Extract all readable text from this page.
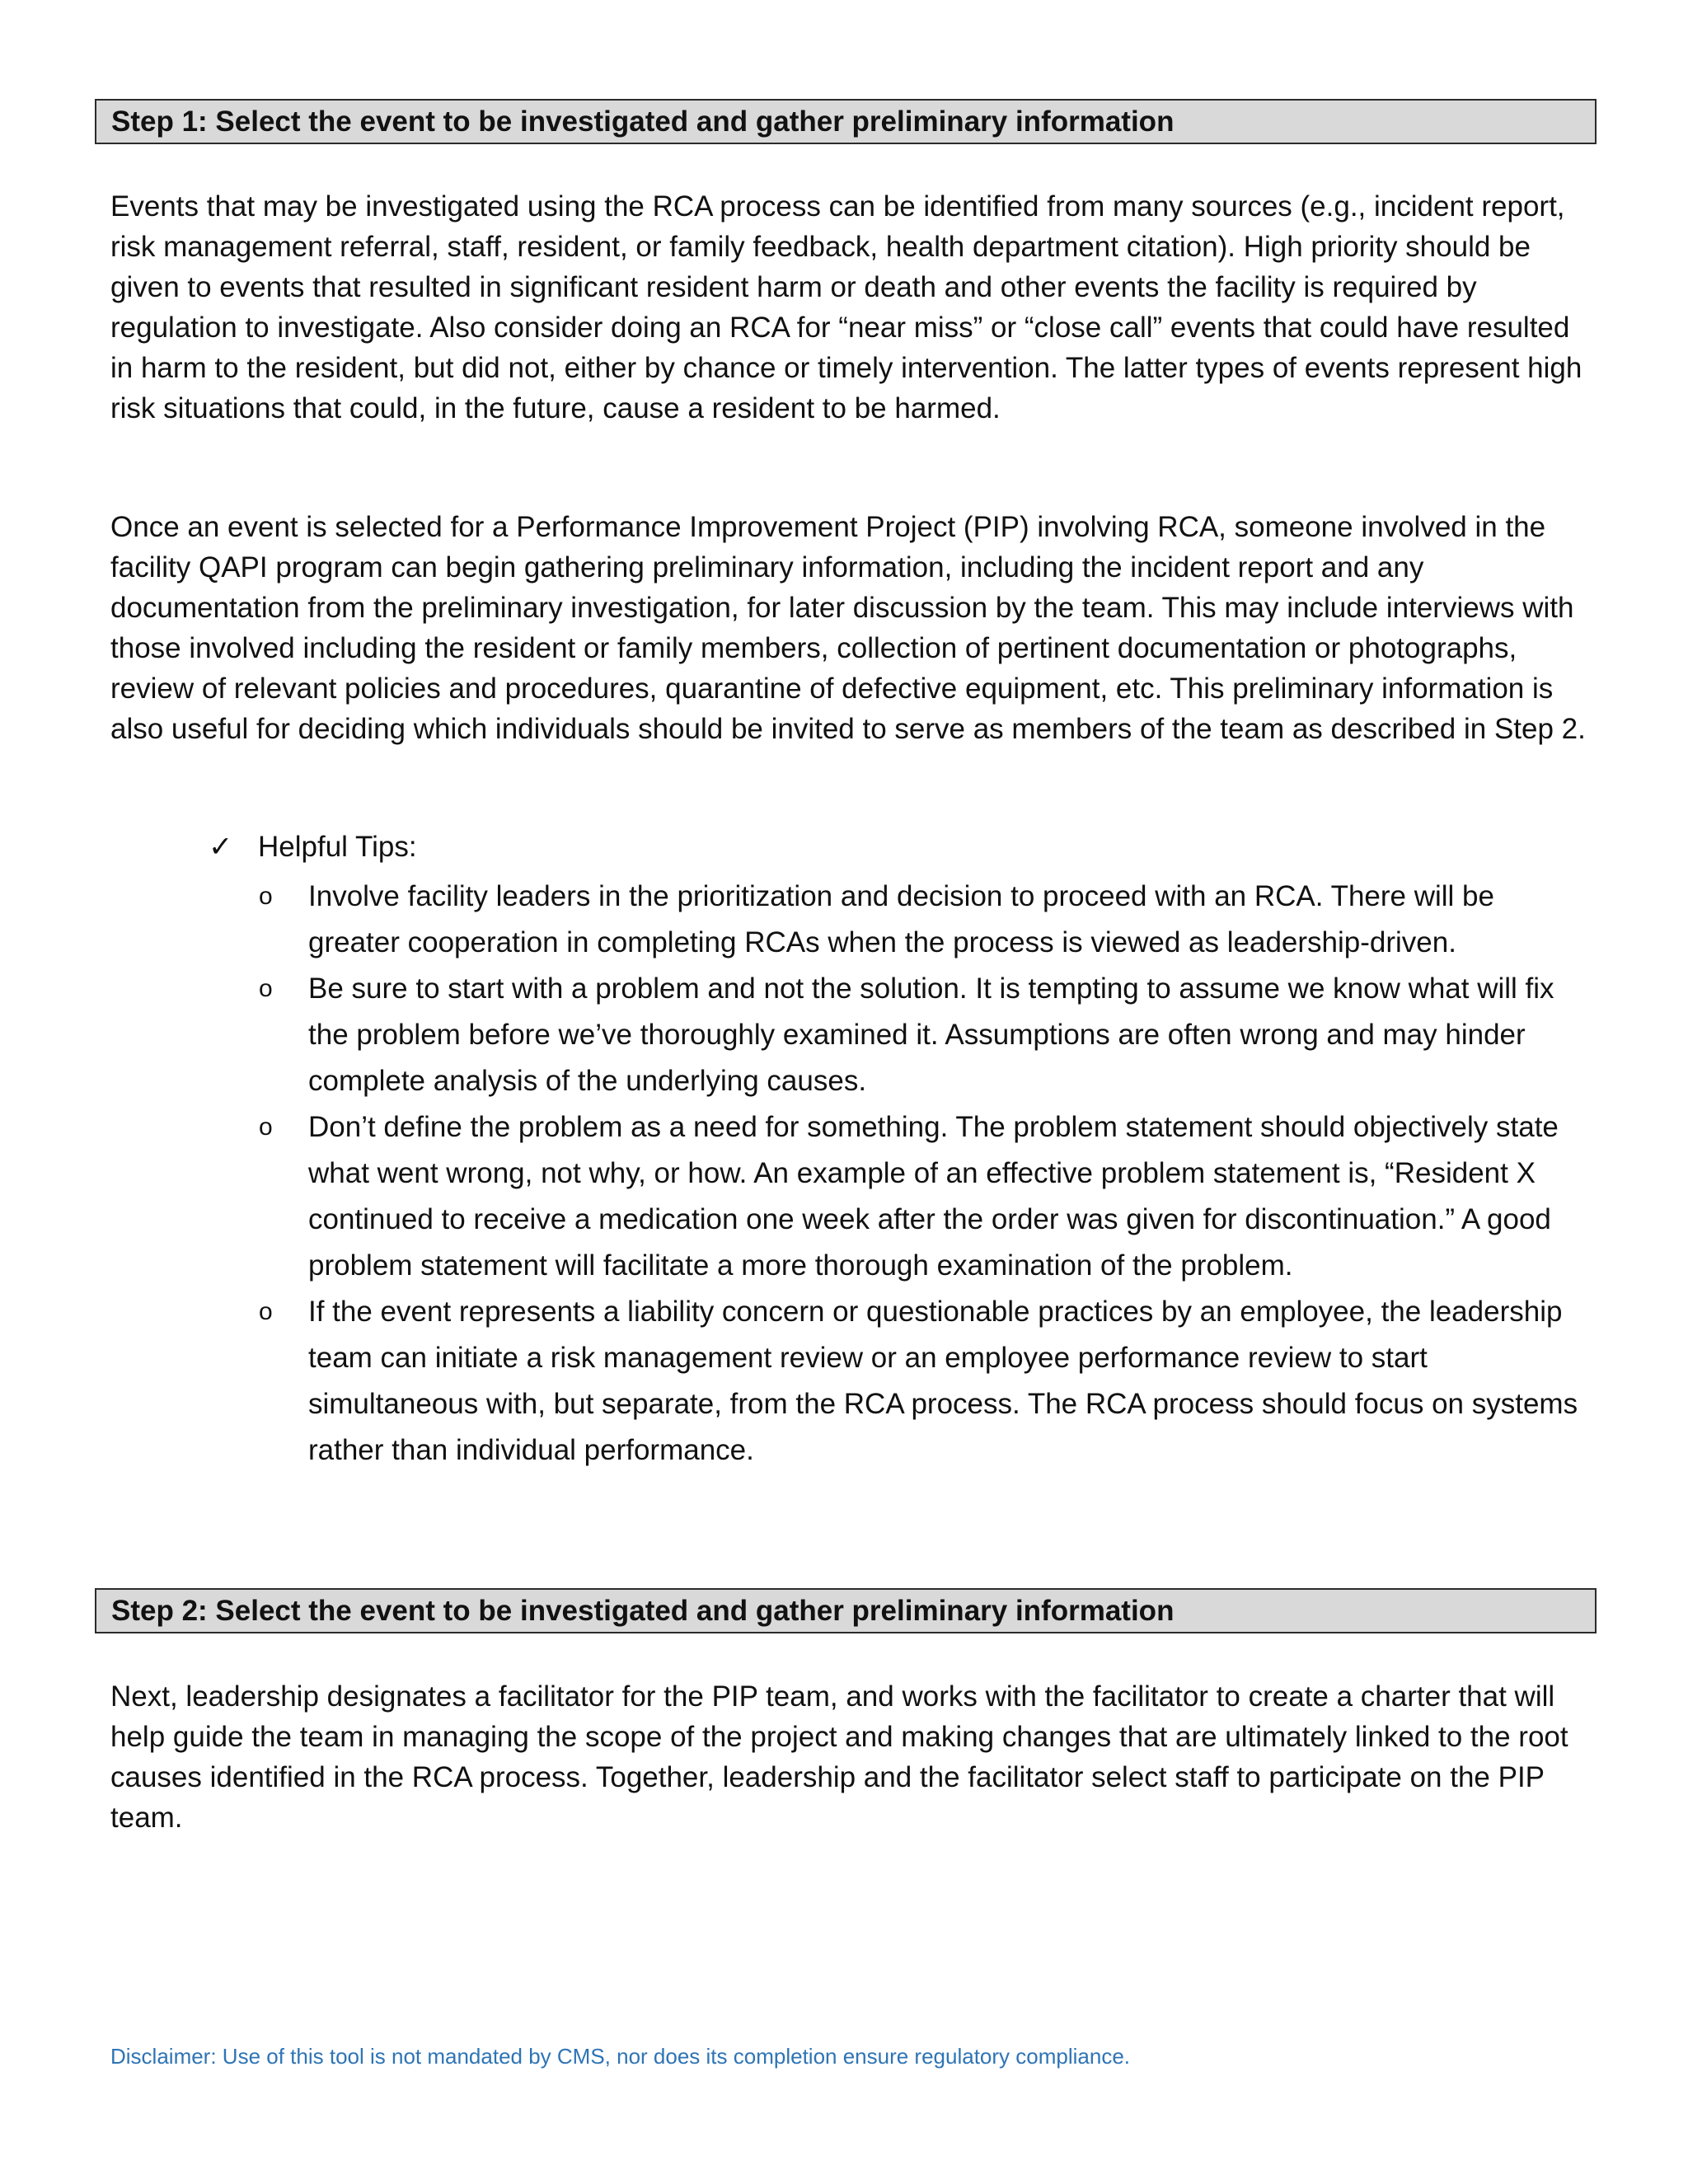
Step 1: Select the event to be investigated and gather preliminary information

Events that may be investigated using the RCA process can be identified from many sources (e.g., incident report, risk management referral, staff, resident, or family feedback, health department citation). High priority should be given to events that resulted in significant resident harm or death and other events the facility is required by regulation to investigate. Also consider doing an RCA for “near miss” or “close call” events that could have resulted in harm to the resident, but did not, either by chance or timely intervention. The latter types of events represent high risk situations that could, in the future, cause a resident to be harmed.

Once an event is selected for a Performance Improvement Project (PIP) involving RCA, someone involved in the facility QAPI program can begin gathering preliminary information, including the incident report and any documentation from the preliminary investigation, for later discussion by the team. This may include interviews with those involved including the resident or family members, collection of pertinent documentation or photographs, review of relevant policies and procedures, quarantine of defective equipment, etc. This preliminary information is also useful for deciding which individuals should be invited to serve as members of the team as described in Step 2.

✓ Helpful Tips:
o Involve facility leaders in the prioritization and decision to proceed with an RCA. There will be greater cooperation in completing RCAs when the process is viewed as leadership-driven.
o Be sure to start with a problem and not the solution. It is tempting to assume we know what will fix the problem before we’ve thoroughly examined it. Assumptions are often wrong and may hinder complete analysis of the underlying causes.
o Don’t define the problem as a need for something. The problem statement should objectively state what went wrong, not why, or how. An example of an effective problem statement is, “Resident X continued to receive a medication one week after the order was given for discontinuation.” A good problem statement will facilitate a more thorough examination of the problem.
o If the event represents a liability concern or questionable practices by an employee, the leadership team can initiate a risk management review or an employee performance review to start simultaneous with, but separate, from the RCA process. The RCA process should focus on systems rather than individual performance.
Step 2: Select the event to be investigated and gather preliminary information

Next, leadership designates a facilitator for the PIP team, and works with the facilitator to create a charter that will help guide the team in managing the scope of the project and making changes that are ultimately linked to the root causes identified in the RCA process. Together, leadership and the facilitator select staff to participate on the PIP team.

Disclaimer: Use of this tool is not mandated by CMS, nor does its completion ensure regulatory compliance.
